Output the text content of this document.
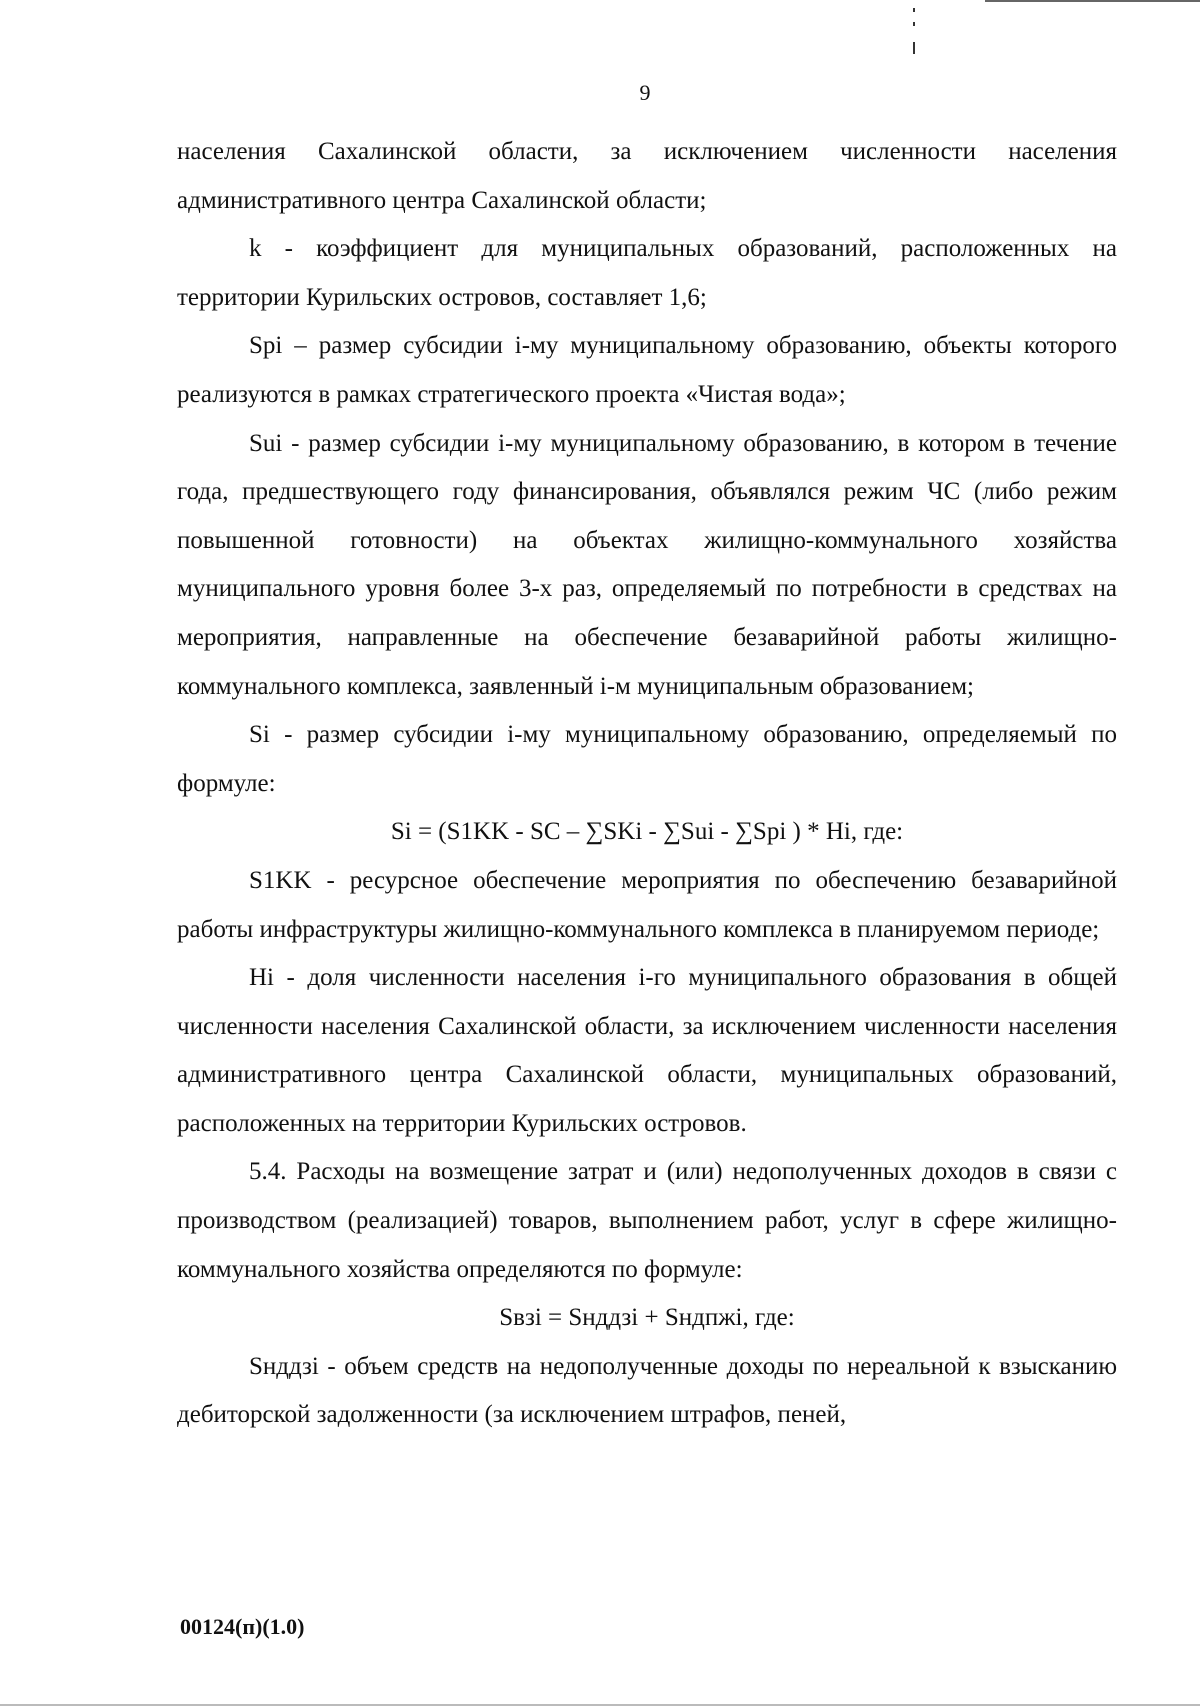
9

населения Сахалинской области, за исключением численности населения административного центра Сахалинской области;

k - коэффициент для муниципальных образований, расположенных на территории Курильских островов, составляет 1,6;

Spi – размер субсидии i-му муниципальному образованию, объекты которого реализуются в рамках стратегического проекта «Чистая вода»;

Sui - размер субсидии i-му муниципальному образованию, в котором в течение года, предшествующего году финансирования, объявлялся режим ЧС (либо режим повышенной готовности) на объектах жилищно-коммунального хозяйства муниципального уровня более 3-х раз, определяемый по потребности в средствах на мероприятия, направленные на обеспечение безаварийной работы жилищно-коммунального комплекса, заявленный i-м муниципальным образованием;

Si - размер субсидии i-му муниципальному образованию, определяемый по формуле:

Si = (S1KK - SC – ∑SKi - ∑Sui - ∑Spi ) * Hi, где:

S1KK - ресурсное обеспечение мероприятия по обеспечению безаварийной работы инфраструктуры жилищно-коммунального комплекса в планируемом периоде;

Hi - доля численности населения i-го муниципального образования в общей численности населения Сахалинской области, за исключением численности населения административного центра Сахалинской области, муниципальных образований, расположенных на территории Курильских островов.

5.4. Расходы на возмещение затрат и (или) недополученных доходов в связи с производством (реализацией) товаров, выполнением работ, услуг в сфере жилищно-коммунального хозяйства определяются по формуле:

Sвзi = Sнддзi + Sндпжi, где:

Sнддзi - объем средств на недополученные доходы по нереальной к взысканию дебиторской задолженности (за исключением штрафов, пеней,

00124(п)(1.0)
